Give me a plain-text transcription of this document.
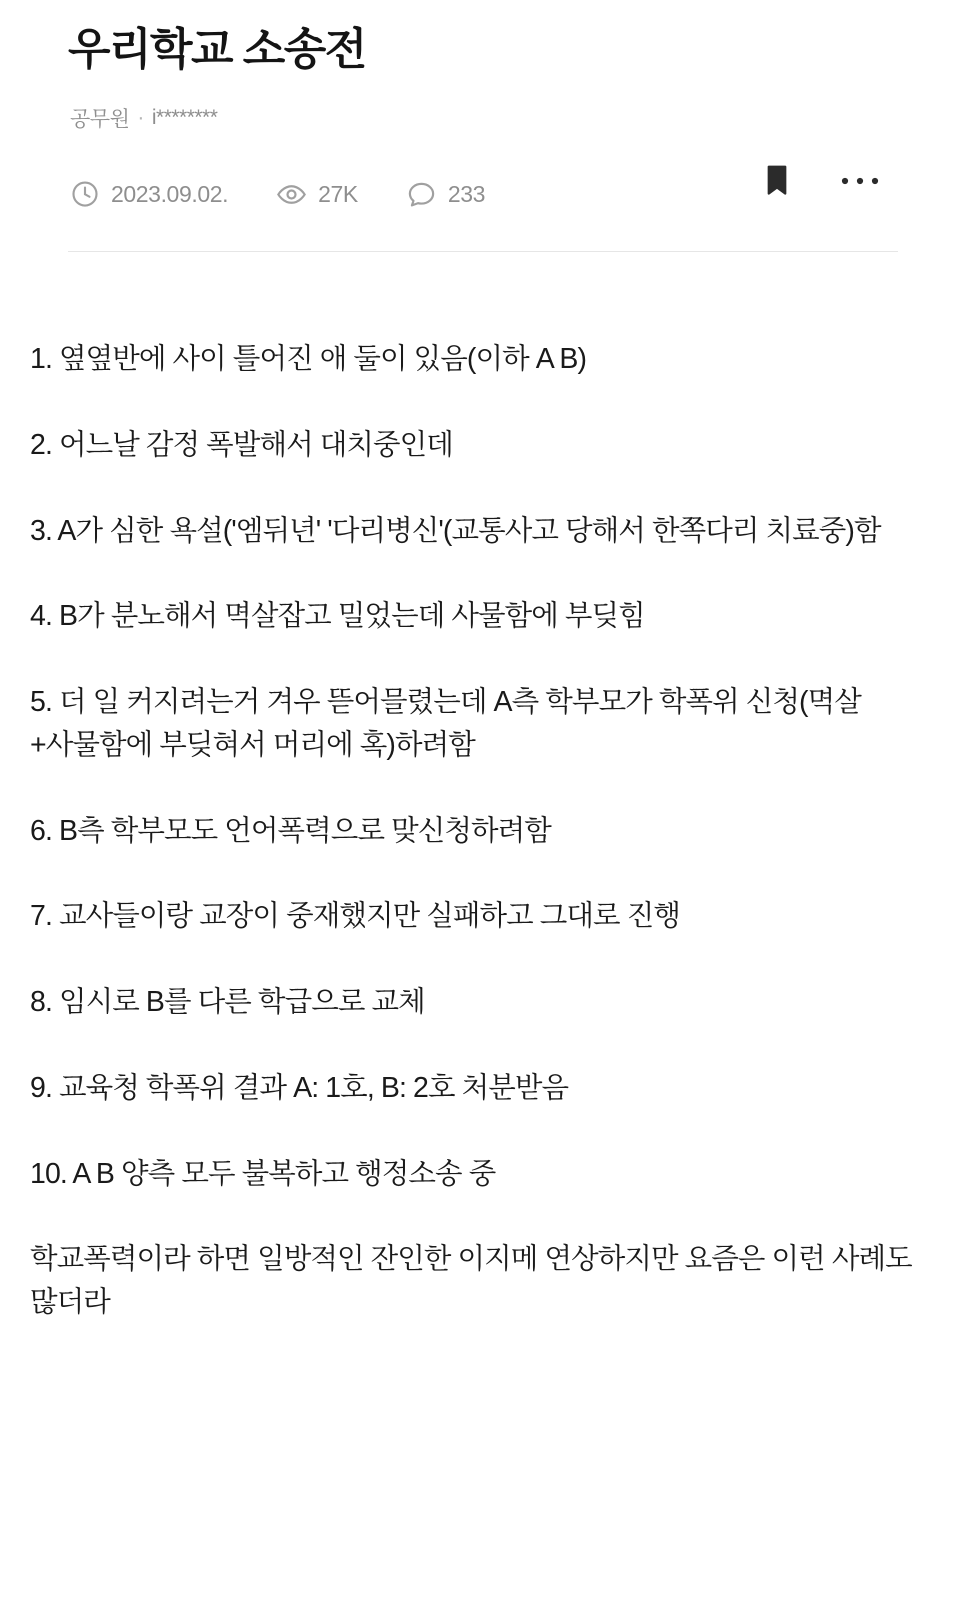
우리학교 소송전
공무원 · i********
2023.09.02.	27K	233

1. 옆옆반에 사이 틀어진 애 둘이 있음(이하 A B)

2. 어느날 감정 폭발해서 대치중인데

3. A가 심한 욕설('엠뒤년' '다리병신'(교통사고 당해서 한쪽다리 치료중)함

4. B가 분노해서 멱살잡고 밀었는데 사물함에 부딪힘

5. 더 일 커지려는거 겨우 뜯어믈렸는데 A측 학부모가 학폭위 신청(멱살+사물함에 부딪혀서 머리에 혹)하려함

6. B측 학부모도 언어폭력으로 맞신청하려함

7. 교사들이랑 교장이 중재했지만 실패하고 그대로 진행

8. 임시로 B를 다른 학급으로 교체

9. 교육청 학폭위 결과 A: 1호, B: 2호 처분받음

10. A B 양측 모두 불복하고 행정소송 중

학교폭력이라 하면 일방적인 잔인한 이지메 연상하지만 요즘은 이런 사례도 많더라
